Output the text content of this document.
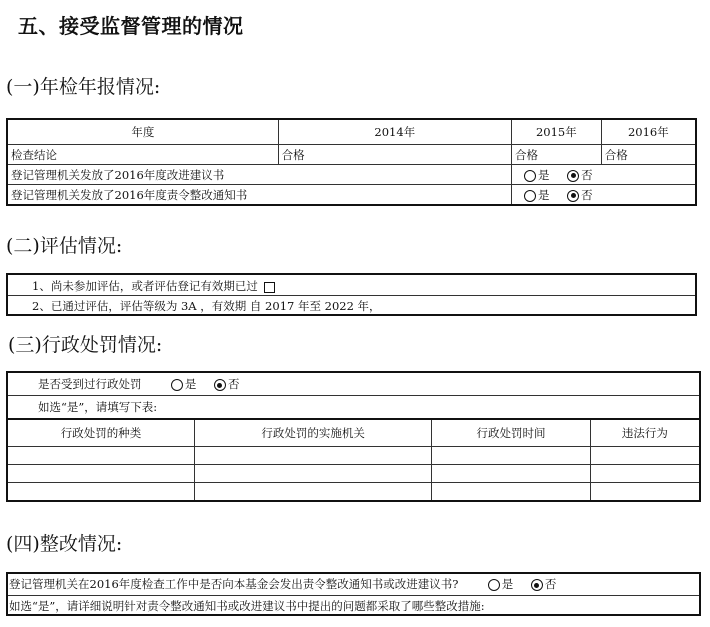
五、接受监督管理的情况
(一)年检年报情况:
年度	2014年	2015年	2016年
检查结论	合格	合格	合格
登记管理机关发放了2016年度改进建议书		是 否	
登记管理机关发放了2016年度责令整改通知书		是 否	
(二)评估情况:
1、尚未参加评估，或者评估登记有效期已过
2、已通过评估，评估等级为 3A ，有效期 自 2017 年至 2022 年，
(三)行政处罚情况:
是否受到过行政处罚	是	否
如选“是”，请填写下表:
行政处罚的种类	行政处罚的实施机关	行政处罚时间	违法行为

(四)整改情况:
登记管理机关在2016年度检查工作中是否向本基金会发出责令整改通知书或改进建议书?	是	否
如选“是”，请详细说明针对责令整改通知书或改进建议书中提出的问题都采取了哪些整改措施:
